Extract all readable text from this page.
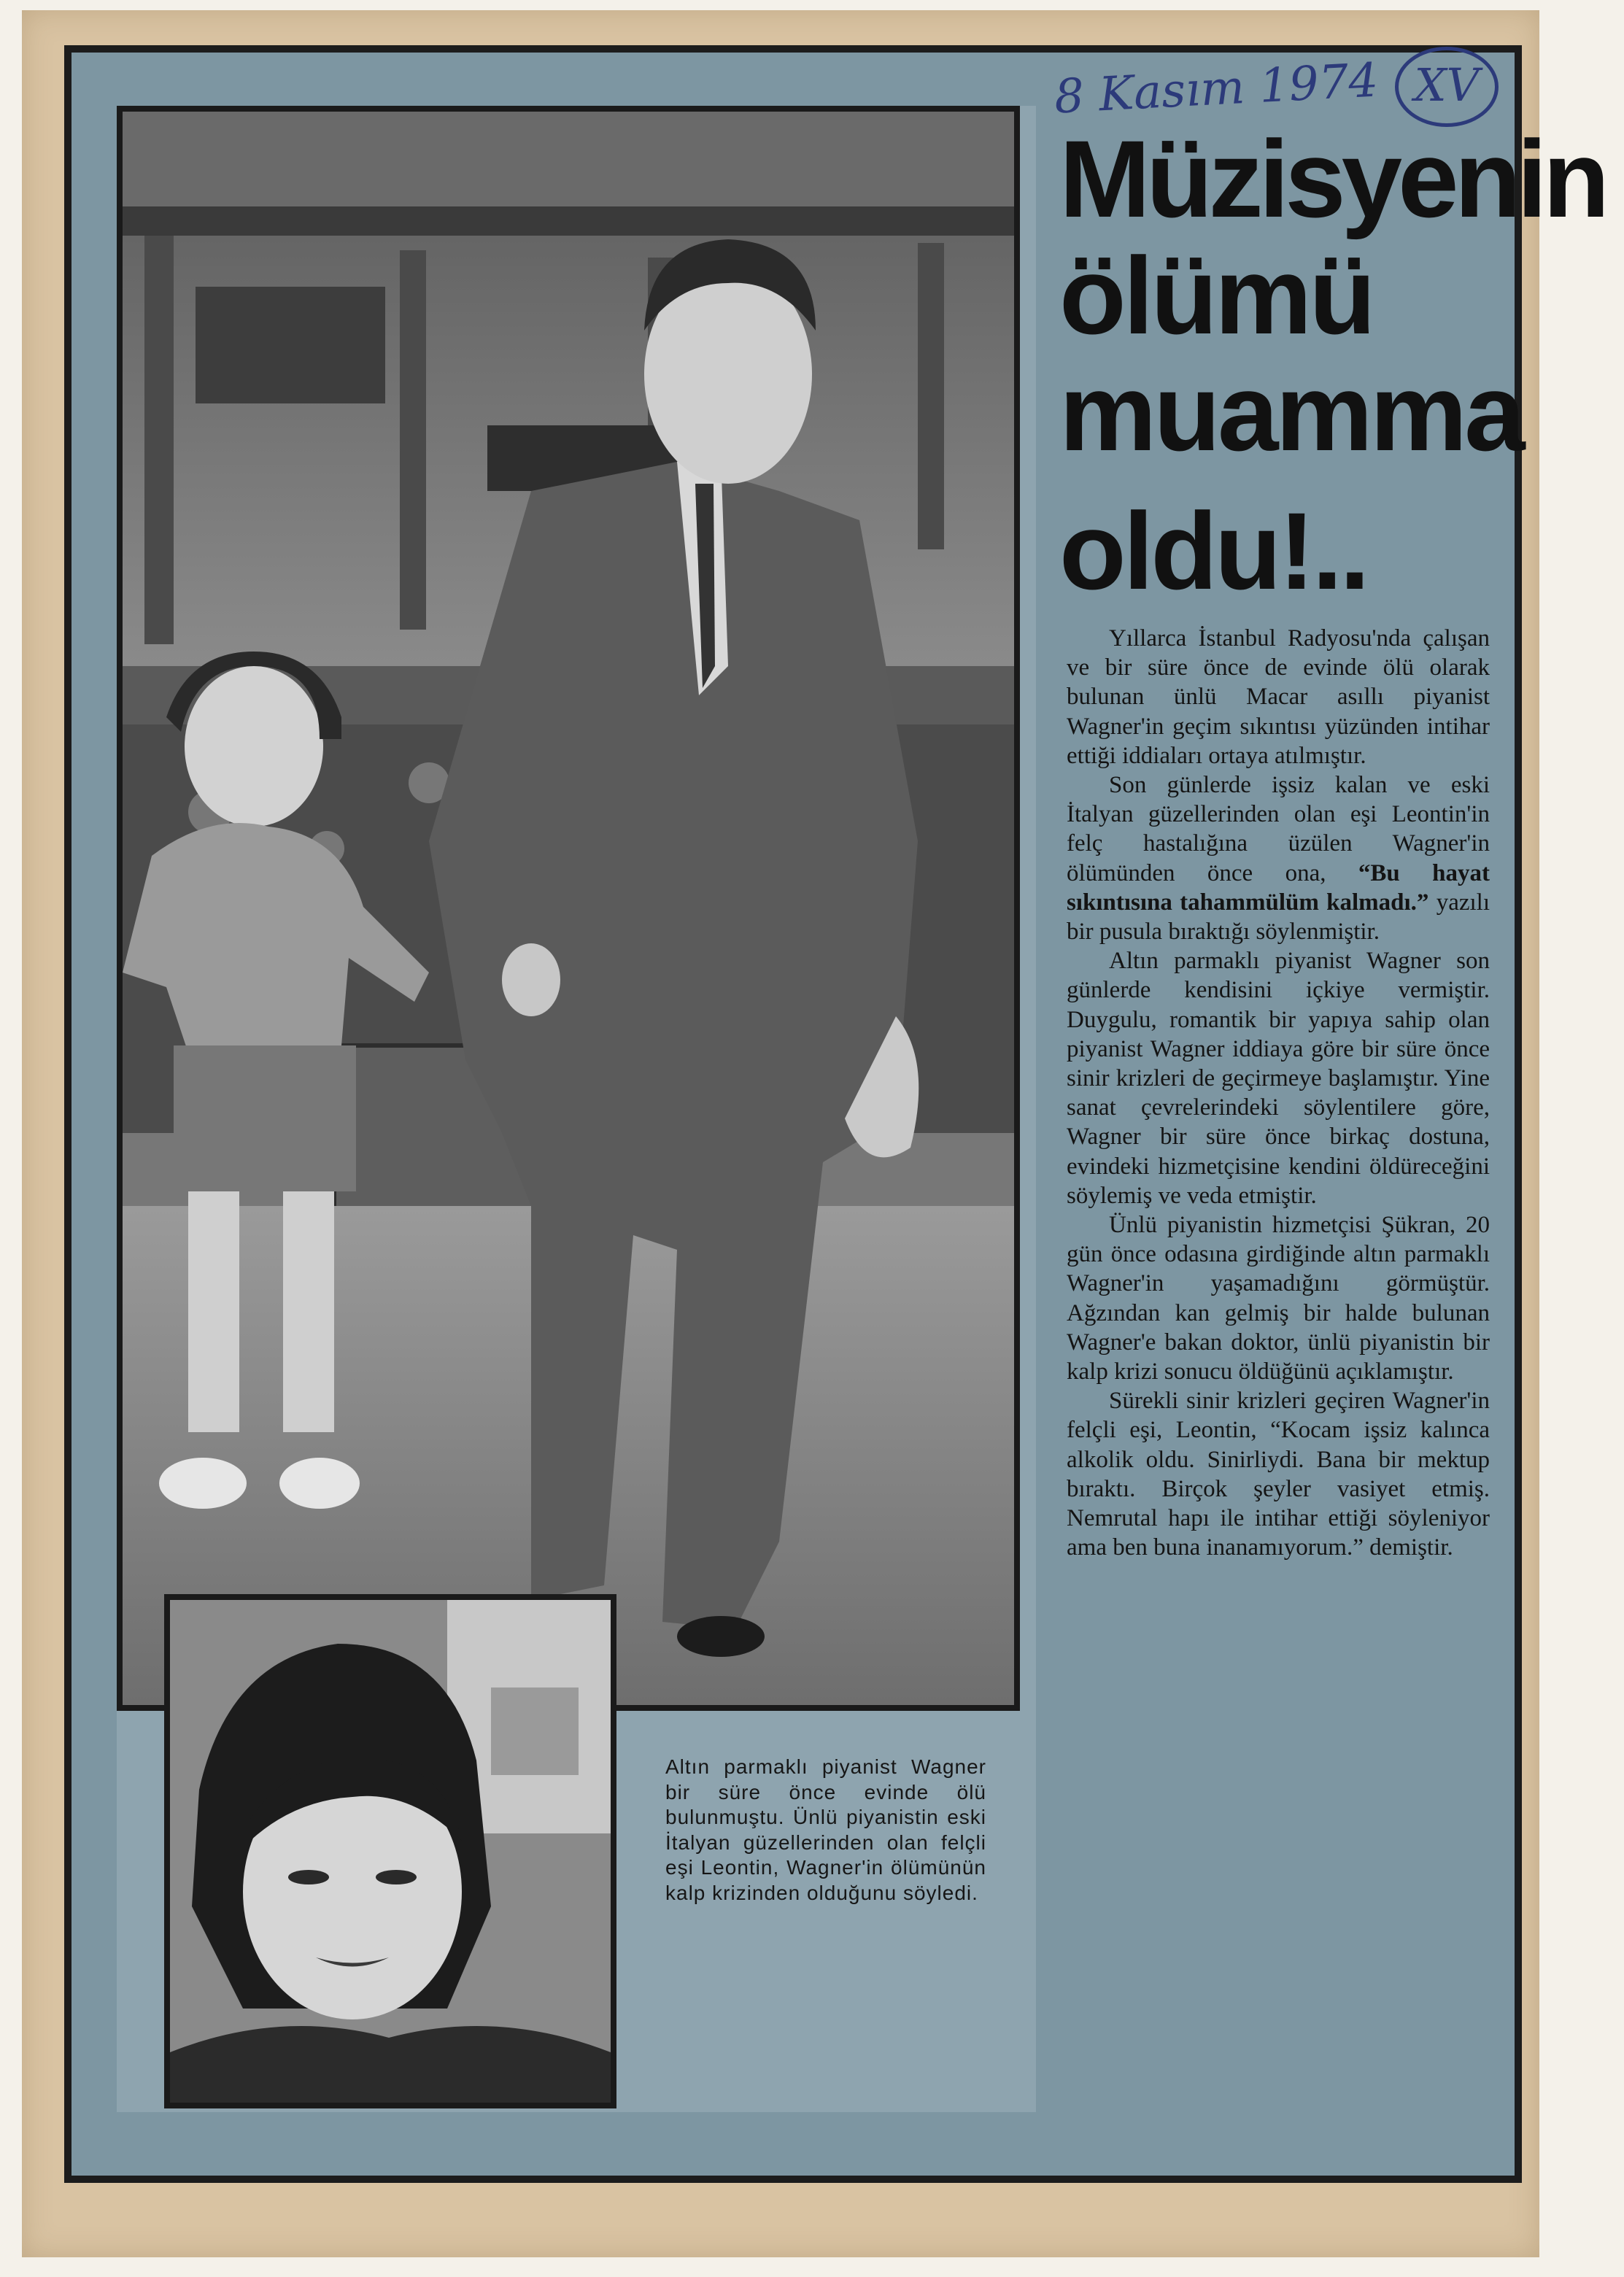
8 Kasım 1974 XV
Müzisyenin
ölümü
muamma
oldu!..

Yıllarca İstanbul Radyosu'nda çalışan ve bir süre önce de evinde ölü olarak bulunan ünlü Macar asıllı piyanist Wagner'in geçim sıkıntısı yüzünden intihar ettiği iddiaları ortaya atılmıştır.

Son günlerde işsiz kalan ve eski İtalyan güzellerinden olan eşi Leontin'in felç hastalığına üzülen Wagner'in ölümünden önce ona, “Bu hayat sıkıntısına tahammülüm kalmadı.” yazılı bir pusula bıraktığı söylenmiştir.

Altın parmaklı piyanist Wagner son günlerde kendisini içkiye vermiştir. Duygulu, romantik bir yapıya sahip olan piyanist Wagner iddiaya göre bir süre önce sinir krizleri de geçirmeye başlamıştır. Yine sanat çevrelerindeki söylentilere göre, Wagner bir süre önce birkaç dostuna, evindeki hizmetçisine kendini öldüreceğini söylemiş ve veda etmiştir.

Ünlü piyanistin hizmetçisi Şükran, 20 gün önce odasına girdiğinde altın parmaklı Wagner'in yaşamadığını görmüştür. Ağzından kan gelmiş bir halde bulunan Wagner'e bakan doktor, ünlü piyanistin bir kalp krizi sonucu öldüğünü açıklamıştır.

Sürekli sinir krizleri geçiren Wagner'in felçli eşi, Leontin, “Kocam işsiz kalınca alkolik oldu. Sinirliydi. Bana bir mektup bıraktı. Birçok şeyler vasiyet etmiş. Nemrutal hapı ile intihar ettiği söyleniyor ama ben buna inanamıyorum.” demiştir.

Altın parmaklı piyanist Wagner bir süre önce evinde ölü bulunmuştu. Ünlü piyanistin eski İtalyan güzellerinden olan felçli eşi Leontin, Wagner'in ölümünün kalp krizinden olduğunu söyledi.
